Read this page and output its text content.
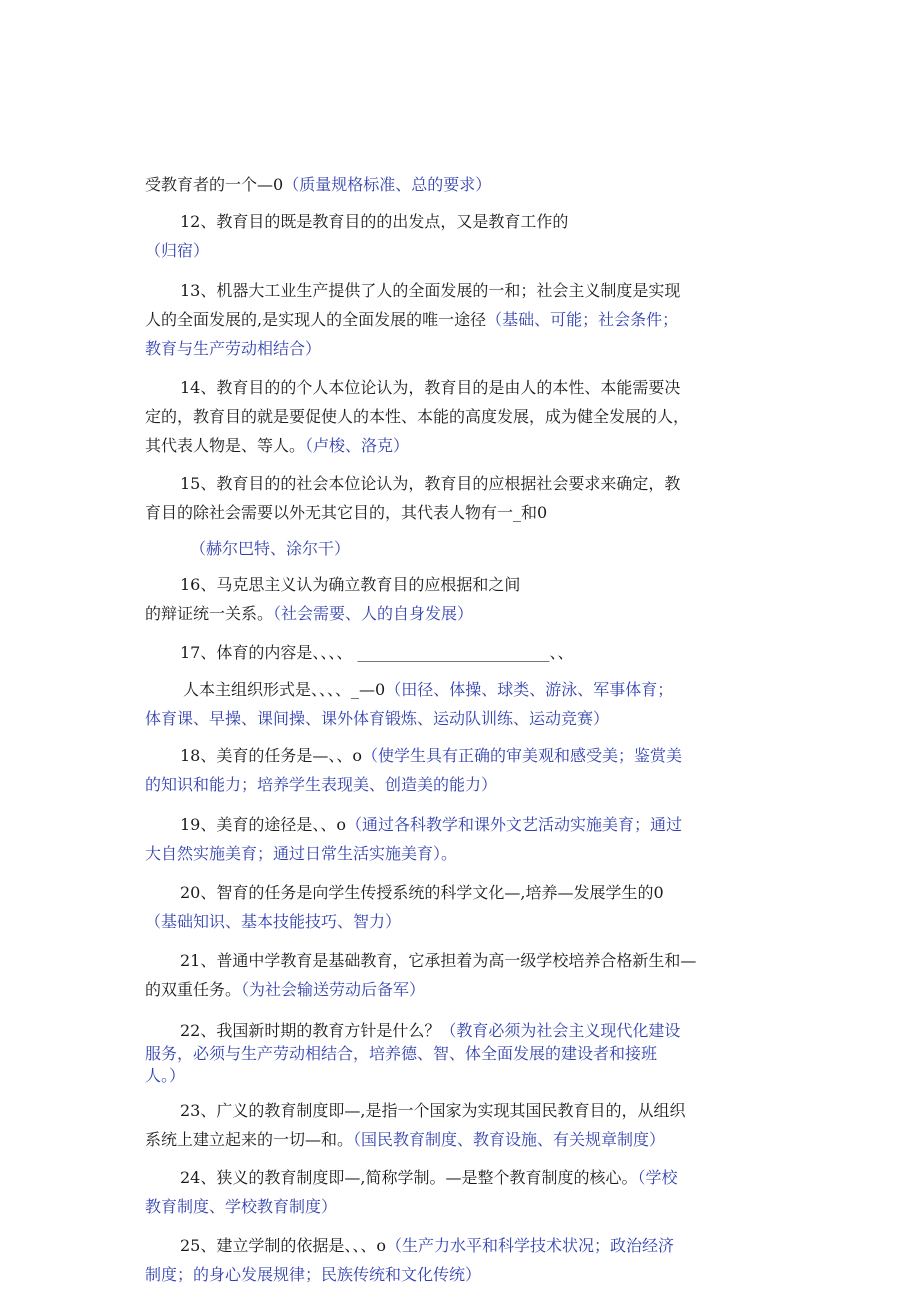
受教育者的一个—0（质量规格标准、总的要求）
12、教育目的既是教育目的的出发点，又是教育工作的
（归宿）
13、机器大工业生产提供了人的全面发展的一和；社会主义制度是实现
人的全面发展的,是实现人的全面发展的唯一途径（基础、可能；社会条件；
教育与生产劳动相结合）
14、教育目的的个人本位论认为，教育目的是由人的本性、本能需要决
定的，教育目的就是要促使人的本性、本能的高度发展，成为健全发展的人，
其代表人物是、等人。（卢梭、洛克）
15、教育目的的社会本位论认为，教育目的应根据社会要求来确定，教
育目的除社会需要以外无其它目的，其代表人物有一_和0
（赫尔巴特、涂尔干）
16、马克思主义认为确立教育目的应根据和之间
的辩证统一关系。（社会需要、人的自身发展）
17、体育的内容是、、、、 ________________________、、
人本主组织形式是、、、、_—0（田径、体操、球类、游泳、军事体育；
体育课、早操、课间操、课外体育锻炼、运动队训练、运动竞赛）
18、美育的任务是—、、o（使学生具有正确的审美观和感受美；鉴赏美
的知识和能力；培养学生表现美、创造美的能力）
19、美育的途径是、、o（通过各科教学和课外文艺活动实施美育；通过
大自然实施美育；通过日常生活实施美育）。
20、智育的任务是向学生传授系统的科学文化—,培养—发展学生的0
（基础知识、基本技能技巧、智力）
21、普通中学教育是基础教育，它承担着为高一级学校培养合格新生和—
的双重任务。（为社会输送劳动后备军）
22、我国新时期的教育方针是什么？（教育必须为社会主义现代化建设
服务，必须与生产劳动相结合，培养德、智、体全面发展的建设者和接班
人。）
23、广义的教育制度即—,是指一个国家为实现其国民教育目的，从组织
系统上建立起来的一切—和。（国民教育制度、教育设施、有关规章制度）
24、狭义的教育制度即—,简称学制。—是整个教育制度的核心。（学校
教育制度、学校教育制度）
25、建立学制的依据是、、、o（生产力水平和科学技术状况；政治经济
制度；的身心发展规律；民族传统和文化传统）
